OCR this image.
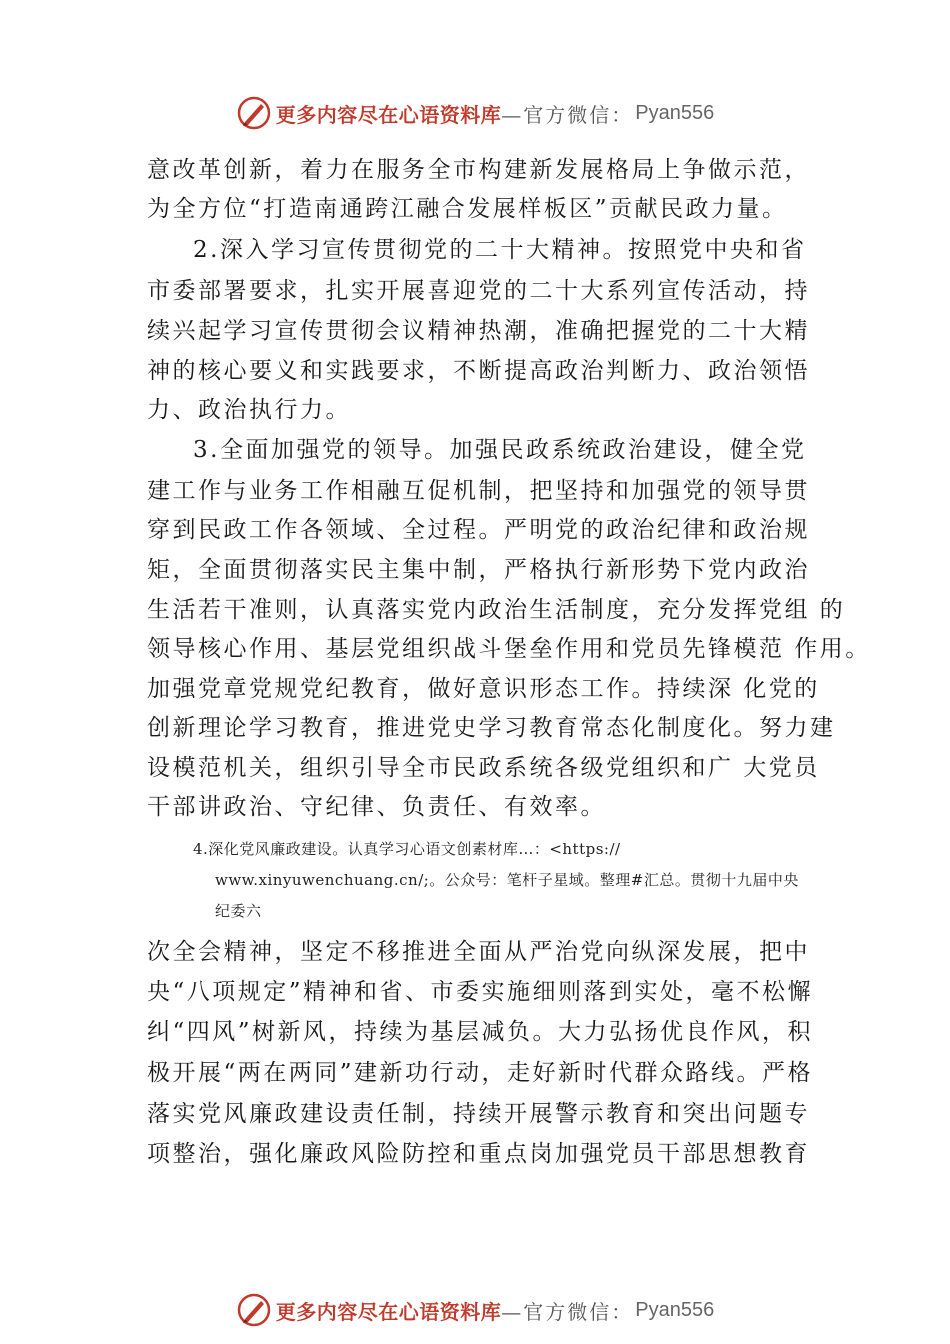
更多内容尽在心语资料库 —官方微信： Pyan556
意改革创新，着力在服务全市构建新发展格局上争做示范，
为全方位“打造南通跨江融合发展样板区”贡献民政力量。
2.深入学习宣传贯彻党的二十大精神。按照党中央和省
市委部署要求，扎实开展喜迎党的二十大系列宣传活动，持
续兴起学习宣传贯彻会议精神热潮，准确把握党的二十大精
神的核心要义和实践要求，不断提高政治判断力、政治领悟
力、政治执行力。
3.全面加强党的领导。加强民政系统政治建设，健全党
建工作与业务工作相融互促机制，把坚持和加强党的领导贯
穿到民政工作各领域、全过程。严明党的政治纪律和政治规
矩，全面贯彻落实民主集中制，严格执行新形势下党内政治
生活若干准则，认真落实党内政治生活制度，充分发挥党组 的
领导核心作用、基层党组织战斗堡垒作用和党员先锋模范 作用。
加强党章党规党纪教育，做好意识形态工作。持续深 化党的
创新理论学习教育，推进党史学习教育常态化制度化。努力建
设模范机关，组织引导全市民政系统各级党组织和广 大党员
干部讲政治、守纪律、负责任、有效率。
4.深化党风廉政建设。认真学习心语文创素材库…：<https://
www.xinyuwenchuang.cn/;。公众号：笔杆子星域。整理#汇总。贯彻十九届中央
纪委六
次全会精神，坚定不移推进全面从严治党向纵深发展，把中
央“八项规定”精神和省、市委实施细则落到实处，毫不松懈
纠“四风”树新风，持续为基层减负。大力弘扬优良作风，积
极开展“两在两同”建新功行动，走好新时代群众路线。严格
落实党风廉政建设责任制，持续开展警示教育和突出问题专
项整治，强化廉政风险防控和重点岗加强党员干部思想教育
更多内容尽在心语资料库 —官方微信： Pyan556
